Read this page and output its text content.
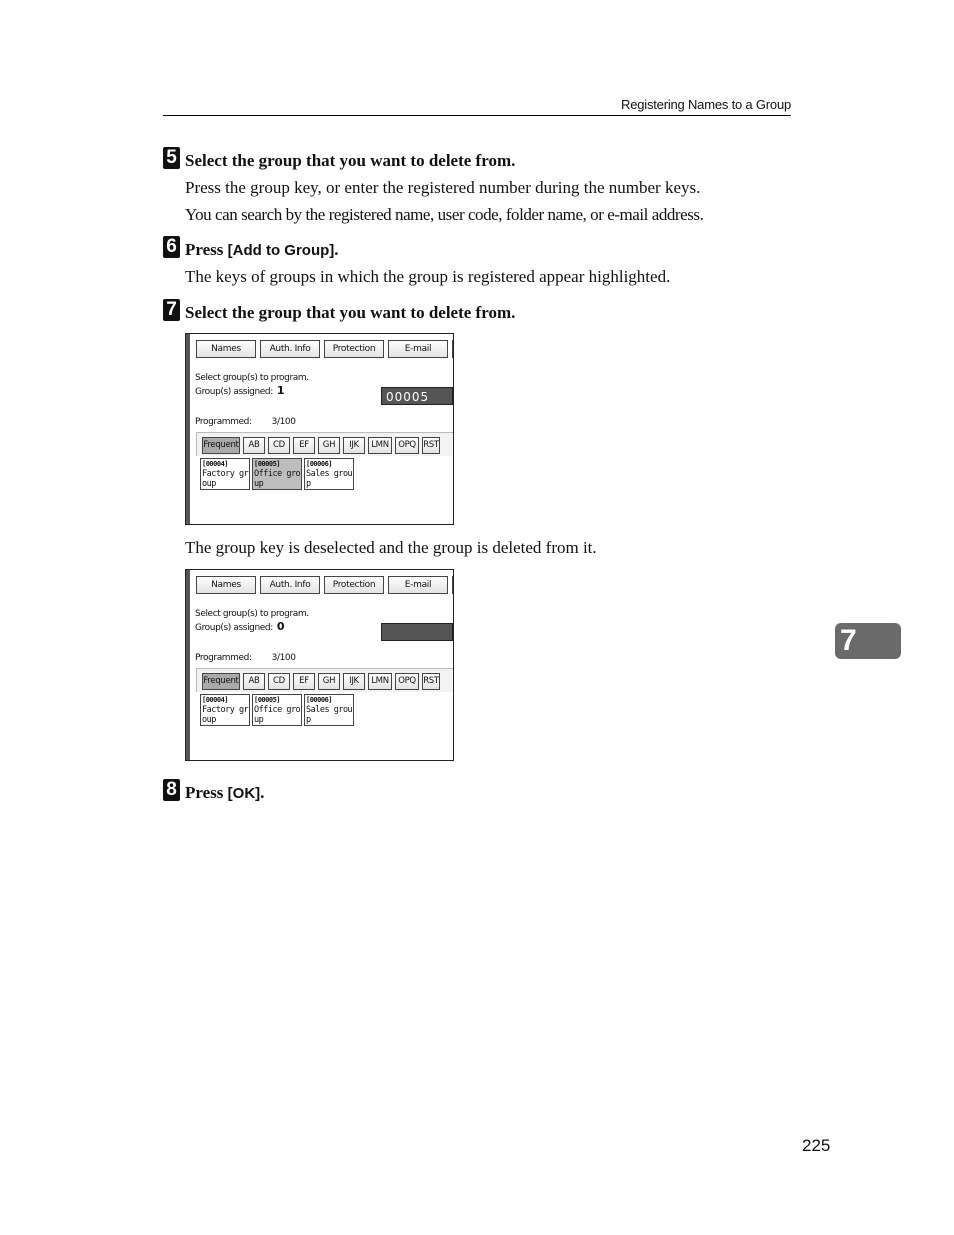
Registering Names to a Group
5 Select the group that you want to delete from.
Press the group key, or enter the registered number during the number keys.
You can search by the registered name, user code, folder name, or e-mail address.
6 Press [Add to Group].
The keys of groups in which the group is registered appear highlighted.
7 Select the group that you want to delete from.
Names	Auth. Info Protection	E-mail
Select group(s) to program.
Group(s) assigned: 1	00005
Programmed: 3/100
Frequent AB CD EF GH IJK LMN OPQ RST
[00004]
Factory gr
oup
[00005]
Office gro
up
[00006]
Sales grou
p
The group key is deselected and the group is deleted from it.
Names	Auth. Info Protection	E-mail
Select group(s) to program.
Group(s) assigned: 0
Programmed: 3/100
Frequent AB CD EF GH IJK LMN OPQ RST
[00004]
Factory gr
oup
[00005]
Office gro
up
[00006]
Sales grou
p
8 Press [OK].
7
225
